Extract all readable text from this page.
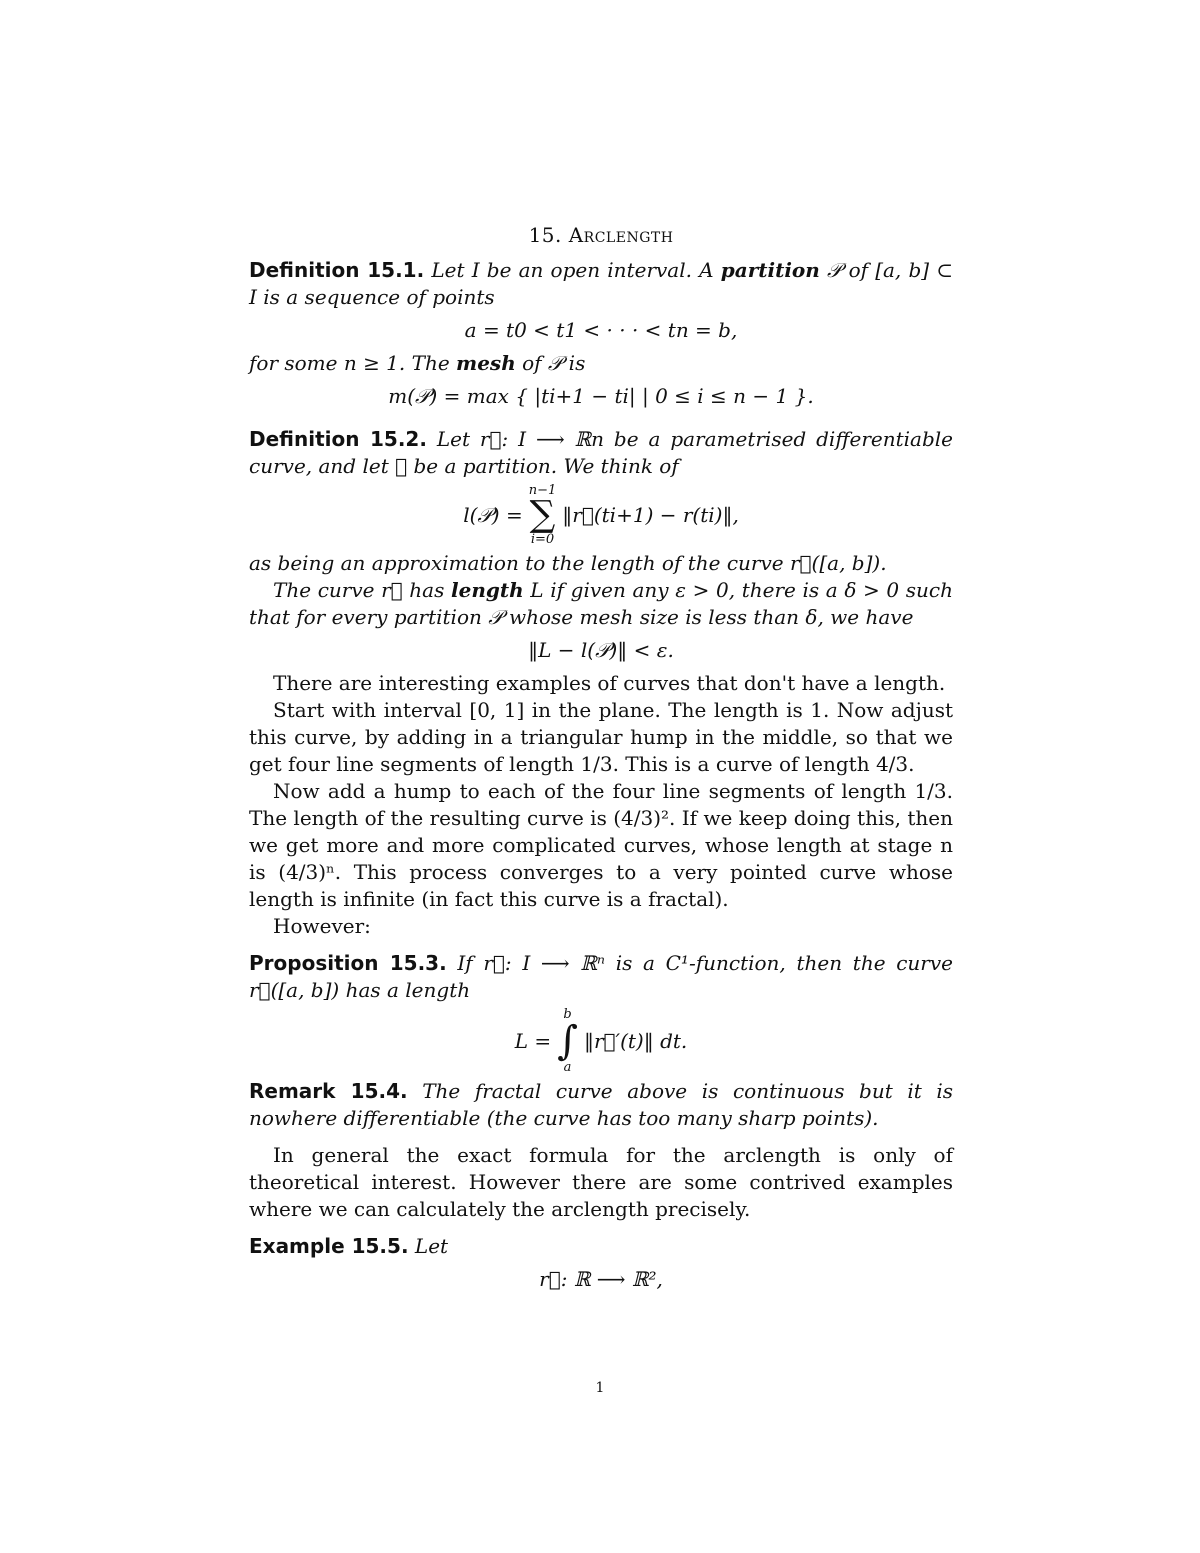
15. Arclength

Definition 15.1. Let I be an open interval. A partition 𝒫 of [a, b] ⊂ I is a sequence of points

a = t0 < t1 < · · · < tn = b,

for some n ≥ 1. The mesh of 𝒫 is

m(𝒫) = max { |ti+1 − ti| | 0 ≤ i ≤ n − 1 }.

Definition 15.2. Let r⃗: I ⟶ ℝn be a parametrised differentiable curve, and let 𝒫 be a partition. We think of

l(𝒫) =
n−1
∑
i=0
‖r⃗(ti+1) − r(ti)‖,

as being an approximation to the length of the curve r⃗([a, b]).

The curve r⃗ has length L if given any ε > 0, there is a δ > 0 such that for every partition 𝒫 whose mesh size is less than δ, we have

‖L − l(𝒫)‖ < ε.

There are interesting examples of curves that don't have a length.

Start with interval [0, 1] in the plane. The length is 1. Now adjust this curve, by adding in a triangular hump in the middle, so that we get four line segments of length 1/3. This is a curve of length 4/3.

Now add a hump to each of the four line segments of length 1/3. The length of the resulting curve is (4/3)². If we keep doing this, then we get more and more complicated curves, whose length at stage n is (4/3)ⁿ. This process converges to a very pointed curve whose length is infinite (in fact this curve is a fractal).

However:

Proposition 15.3. If r⃗: I ⟶ ℝⁿ is a C¹-function, then the curve r⃗([a, b]) has a length

L =
b
∫
a
‖r⃗′(t)‖ dt.

Remark 15.4. The fractal curve above is continuous but it is nowhere differentiable (the curve has too many sharp points).

In general the exact formula for the arclength is only of theoretical interest. However there are some contrived examples where we can calculately the arclength precisely.

Example 15.5. Let

r⃗: ℝ ⟶ ℝ²,
1
